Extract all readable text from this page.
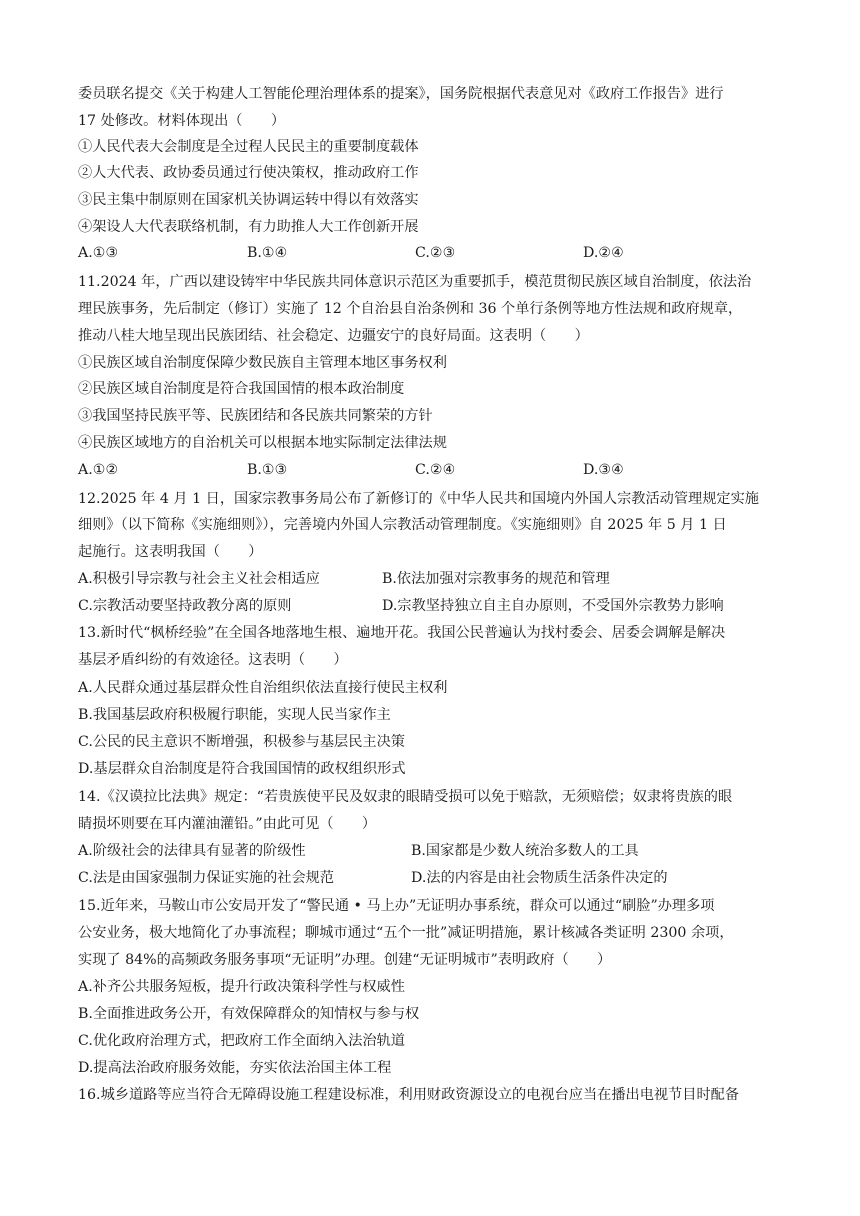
委员联名提交《关于构建人工智能伦理治理体系的提案》，国务院根据代表意见对《政府工作报告》进行
17 处修改。材料体现出（　　）
①人民代表大会制度是全过程人民民主的重要制度载体
②人大代表、政协委员通过行使决策权，推动政府工作
③民主集中制原则在国家机关协调运转中得以有效落实
④架设人大代表联络机制，有力助推人大工作创新开展
A.①③	B.①④	C.②③	D.②④
11.2024 年，广西以建设铸牢中华民族共同体意识示范区为重要抓手，模范贯彻民族区域自治制度，依法治
理民族事务，先后制定（修订）实施了 12 个自治县自治条例和 36 个单行条例等地方性法规和政府规章，
推动八桂大地呈现出民族团结、社会稳定、边疆安宁的良好局面。这表明（　　）
①民族区域自治制度保障少数民族自主管理本地区事务权利
②民族区域自治制度是符合我国国情的根本政治制度
③我国坚持民族平等、民族团结和各民族共同繁荣的方针
④民族区域地方的自治机关可以根据本地实际制定法律法规
A.①②	B.①③	C.②④	D.③④
12.2025 年 4 月 1 日，国家宗教事务局公布了新修订的《中华人民共和国境内外国人宗教活动管理规定实施
细则》（以下简称《实施细则》），完善境内外国人宗教活动管理制度。《实施细则》自 2025 年 5 月 1 日
起施行。这表明我国（　　）
A.积极引导宗教与社会主义社会相适应	B.依法加强对宗教事务的规范和管理
C.宗教活动要坚持政教分离的原则	D.宗教坚持独立自主自办原则，不受国外宗教势力影响
13.新时代“枫桥经验”在全国各地落地生根、遍地开花。我国公民普遍认为找村委会、居委会调解是解决
基层矛盾纠纷的有效途径。这表明（　　）
A.人民群众通过基层群众性自治组织依法直接行使民主权利
B.我国基层政府积极履行职能，实现人民当家作主
C.公民的民主意识不断增强，积极参与基层民主决策
D.基层群众自治制度是符合我国国情的政权组织形式
14.《汉谟拉比法典》规定：“若贵族使平民及奴隶的眼睛受损可以免于赔款，无须赔偿；奴隶将贵族的眼
睛损坏则要在耳内灌油灌铅。”由此可见（　　）
A.阶级社会的法律具有显著的阶级性	B.国家都是少数人统治多数人的工具
C.法是由国家强制力保证实施的社会规范	D.法的内容是由社会物质生活条件决定的
15.近年来，马鞍山市公安局开发了“警民通 • 马上办”无证明办事系统，群众可以通过“刷脸”办理多项
公安业务，极大地简化了办事流程；聊城市通过“五个一批”减证明措施，累计核减各类证明 2300 余项，
实现了 84%的高频政务服务事项“无证明”办理。创建“无证明城市”表明政府（　　）
A.补齐公共服务短板，提升行政决策科学性与权威性
B.全面推进政务公开，有效保障群众的知情权与参与权
C.优化政府治理方式，把政府工作全面纳入法治轨道
D.提高法治政府服务效能，夯实依法治国主体工程
16.城乡道路等应当符合无障碍设施工程建设标准，利用财政资源设立的电视台应当在播出电视节目时配备
